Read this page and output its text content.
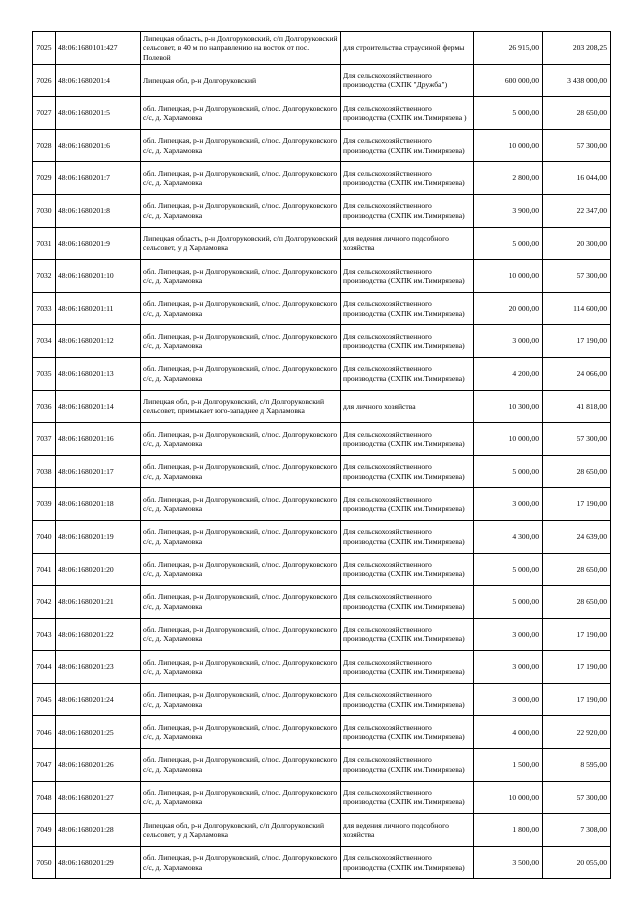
7025	48:06:1680101:427	Липецкая область, р-н Долгоруковский, с/п Долгоруковский сельсовет, в 40 м по направлению на восток от пос. Полевой	для строительства страусиной фермы	26 915,00	203 208,25
7026	48:06:1680201:4	Липецкая обл, р-н Долгоруковский	Для сельскохозяйственного производства (СХПК "Дружба")	600 000,00	3 438 000,00
7027	48:06:1680201:5	обл. Липецкая, р-н Долгоруковский, с/пос. Долгоруковского с/с, д. Харламовка	Для сельскохозяйственного производства (СХПК им.Тимирязева )	5 000,00	28 650,00
7028	48:06:1680201:6	обл. Липецкая, р-н Долгоруковский, с/пос. Долгоруковского с/с, д. Харламовка	Для сельскохозяйственного производства (СХПК им.Тимирязева)	10 000,00	57 300,00
7029	48:06:1680201:7	обл. Липецкая, р-н Долгоруковский, с/пос. Долгоруковского с/с, д. Харламовка	Для сельскохозяйственного производства (СХПК им.Тимирязева)	2 800,00	16 044,00
7030	48:06:1680201:8	обл. Липецкая, р-н Долгоруковский, с/пос. Долгоруковского с/с, д. Харламовка	Для сельскохозяйственного производства (СХПК им.Тимирязева)	3 900,00	22 347,00
7031	48:06:1680201:9	Липецкая область, р-н Долгоруковский, с/п Долгоруковский сельсовет, у д Харламовка	для ведения личного подсобного хозяйства	5 000,00	20 300,00
7032	48:06:1680201:10	обл. Липецкая, р-н Долгоруковский, с/пос. Долгоруковского с/с, д. Харламовка	Для сельскохозяйственного производства (СХПК им.Тимирязева)	10 000,00	57 300,00
7033	48:06:1680201:11	обл. Липецкая, р-н Долгоруковский, с/пос. Долгоруковского с/с, д. Харламовка	Для сельскохозяйственного производства (СХПК им.Тимирязева)	20 000,00	114 600,00
7034	48:06:1680201:12	обл. Липецкая, р-н Долгоруковский, с/пос. Долгоруковского с/с, д. Харламовка	Для сельскохозяйственного производства (СХПК им.Тимирязева)	3 000,00	17 190,00
7035	48:06:1680201:13	обл. Липецкая, р-н Долгоруковский, с/пос. Долгоруковского с/с, д. Харламовка	Для сельскохозяйственного производства (СХПК им.Тимирязева)	4 200,00	24 066,00
7036	48:06:1680201:14	Липецкая обл, р-н Долгоруковский, с/п Долгоруковский сельсовет, примыкает юго-западнее д Харламовка	для личного хозяйства	10 300,00	41 818,00
7037	48:06:1680201:16	обл. Липецкая, р-н Долгоруковский, с/пос. Долгоруковского с/с, д. Харламовка	Для сельскохозяйственного производства (СХПК им.Тимирязева)	10 000,00	57 300,00
7038	48:06:1680201:17	обл. Липецкая, р-н Долгоруковский, с/пос. Долгоруковского с/с, д. Харламовка	Для сельскохозяйственного производства (СХПК им.Тимирязева)	5 000,00	28 650,00
7039	48:06:1680201:18	обл. Липецкая, р-н Долгоруковский, с/пос. Долгоруковского с/с, д. Харламовка	Для сельскохозяйственного производства (СХПК им.Тимирязева)	3 000,00	17 190,00
7040	48:06:1680201:19	обл. Липецкая, р-н Долгоруковский, с/пос. Долгоруковского с/с, д. Харламовка	Для сельскохозяйственного производства (СХПК им.Тимирязева)	4 300,00	24 639,00
7041	48:06:1680201:20	обл. Липецкая, р-н Долгоруковский, с/пос. Долгоруковского с/с, д. Харламовка	Для сельскохозяйственного производства (СХПК им.Тимирязева)	5 000,00	28 650,00
7042	48:06:1680201:21	обл. Липецкая, р-н Долгоруковский, с/пос. Долгоруковского с/с, д. Харламовка	Для сельскохозяйственного производства (СХПК им.Тимирязева)	5 000,00	28 650,00
7043	48:06:1680201:22	обл. Липецкая, р-н Долгоруковский, с/пос. Долгоруковского с/с, д. Харламовка	Для сельскохозяйственного производства (СХПК им.Тимирязева)	3 000,00	17 190,00
7044	48:06:1680201:23	обл. Липецкая, р-н Долгоруковский, с/пос. Долгоруковского с/с, д. Харламовка	Для сельскохозяйственного производства (СХПК им.Тимирязева)	3 000,00	17 190,00
7045	48:06:1680201:24	обл. Липецкая, р-н Долгоруковский, с/пос. Долгоруковского с/с, д. Харламовка	Для сельскохозяйственного производства (СХПК им.Тимирязева)	3 000,00	17 190,00
7046	48:06:1680201:25	обл. Липецкая, р-н Долгоруковский, с/пос. Долгоруковского с/с, д. Харламовка	Для сельскохозяйственного производства (СХПК им.Тимирязева)	4 000,00	22 920,00
7047	48:06:1680201:26	обл. Липецкая, р-н Долгоруковский, с/пос. Долгоруковского с/с, д. Харламовка	Для сельскохозяйственного производства (СХПК им.Тимирязева)	1 500,00	8 595,00
7048	48:06:1680201:27	обл. Липецкая, р-н Долгоруковский, с/пос. Долгоруковского с/с, д. Харламовка	Для сельскохозяйственного производства (СХПК им.Тимирязева)	10 000,00	57 300,00
7049	48:06:1680201:28	Липецкая обл, р-н Долгоруковский, с/п Долгоруковский сельсовет, у д Харламовка	для ведения личного подсобного хозяйства	1 800,00	7 308,00
7050	48:06:1680201:29	обл. Липецкая, р-н Долгоруковский, с/пос. Долгоруковского с/с, д. Харламовка	Для сельскохозяйственного производства (СХПК им.Тимирязева)	3 500,00	20 055,00
